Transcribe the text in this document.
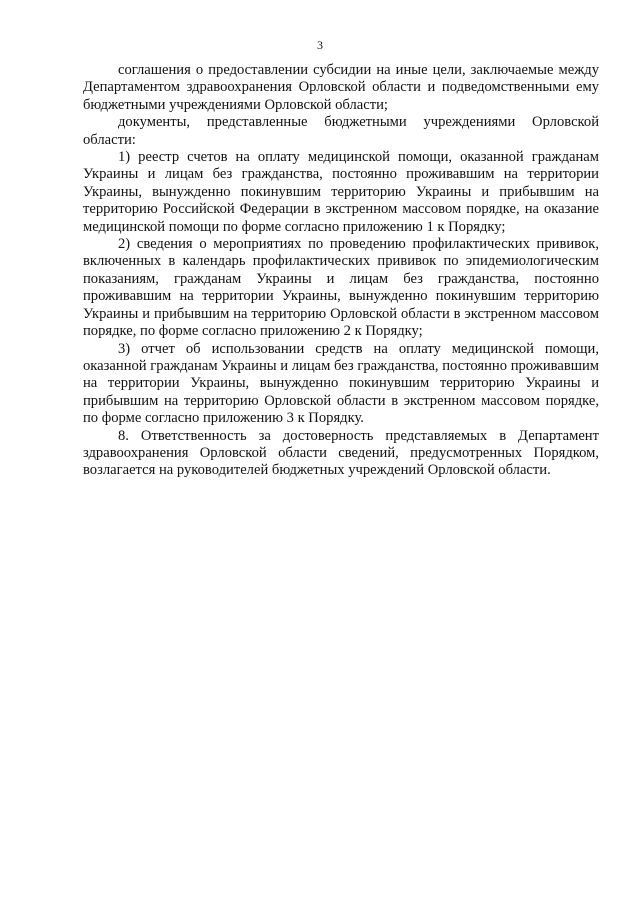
3

соглашения о предоставлении субсидии на иные цели, заключаемые между Департаментом здравоохранения Орловской области и подведомственными ему бюджетными учреждениями Орловской области;

документы, представленные бюджетными учреждениями Орловской области:

1) реестр счетов на оплату медицинской помощи, оказанной гражданам Украины и лицам без гражданства, постоянно проживавшим на территории Украины, вынужденно покинувшим территорию Украины и прибывшим на территорию Российской Федерации в экстренном массовом порядке, на оказание медицинской помощи по форме согласно приложению 1 к Порядку;

2) сведения о мероприятиях по проведению профилактических прививок, включенных в календарь профилактических прививок по эпидемиологическим показаниям, гражданам Украины и лицам без гражданства, постоянно проживавшим на территории Украины, вынужденно покинувшим территорию Украины и прибывшим на территорию Орловской области в экстренном массовом порядке, по форме согласно приложению 2 к Порядку;

3) отчет об использовании средств на оплату медицинской помощи, оказанной гражданам Украины и лицам без гражданства, постоянно проживавшим на территории Украины, вынужденно покинувшим территорию Украины и прибывшим на территорию Орловской области в экстренном массовом порядке, по форме согласно приложению 3 к Порядку.

8. Ответственность за достоверность представляемых в Департамент здравоохранения Орловской области сведений, предусмотренных Порядком, возлагается на руководителей бюджетных учреждений Орловской области.
